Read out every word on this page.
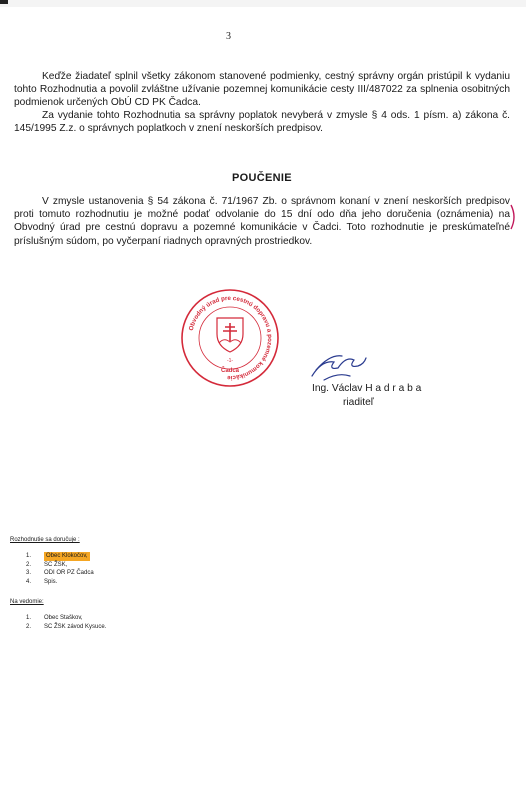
3
Keďže žiadateľ splnil všetky zákonom stanovené podmienky, cestný správny orgán pristúpil k vydaniu tohto Rozhodnutia a povolil zvláštne užívanie pozemnej komunikácie cesty III/487022 za splnenia osobitných podmienok určených ObÚ CD PK Čadca.
Za vydanie tohto Rozhodnutia sa správny poplatok nevyberá v zmysle § 4 ods. 1 písm. a) zákona č. 145/1995 Z.z. o správnych poplatkoch v znení neskorších predpisov.
POUČENIE
V zmysle ustanovenia § 54 zákona č. 71/1967 Zb. o správnom konaní v znení neskorších predpisov proti tomuto rozhodnutiu je možné podať odvolanie do 15 dní odo dňa jeho doručenia (oznámenia) na Obvodný úrad pre cestnú dopravu a pozemné komunikácie v Čadci. Toto rozhodnutie je preskúmateľné príslušným súdom, po vyčerpaní riadnych opravných prostriedkov.
Obvodný úrad pre cestnú dopravu a pozemné komunikácie
-1-
Čadca
Ing. Václav H a d r a b a
riaditeľ
Rozhodnutie sa doručuje :
1.	Obec Klokočov,
2.	SC ŽSK,
3.	ODI OR PZ Čadca
4.	Spis.
Na vedomie:
1.	Obec Staškov,
2.	SC ŽSK závod Kysuce.
